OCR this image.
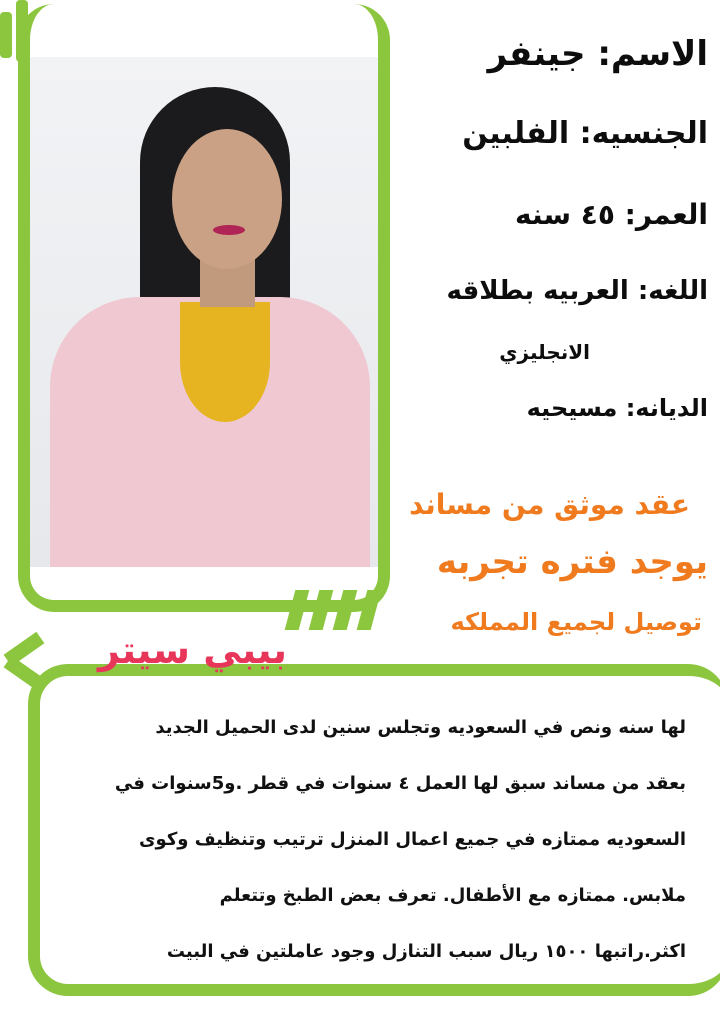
الاسم: جينفر
الجنسيه: الفلبين
العمر: ٤٥ سنه
اللغه: العربيه بطلاقه
الانجليزي
الديانه: مسيحيه
عقد موثق من مساند
يوجد فتره تجربه
توصيل لجميع المملكه
بيبي سيتر
لها سنه ونص في السعوديه وتجلس سنين لدى الحميل الجديد
بعقد من مساند سبق لها العمل ٤ سنوات في قطر .و5سنوات في
السعوديه ممتازه في جميع اعمال المنزل ترتيب وتنظيف وكوى
ملابس. ممتازه مع الأطفال. تعرف بعض الطبخ وتتعلم
اكثر.راتبها ١٥٠٠ ريال سبب التنازل وجود عاملتين في البيت
